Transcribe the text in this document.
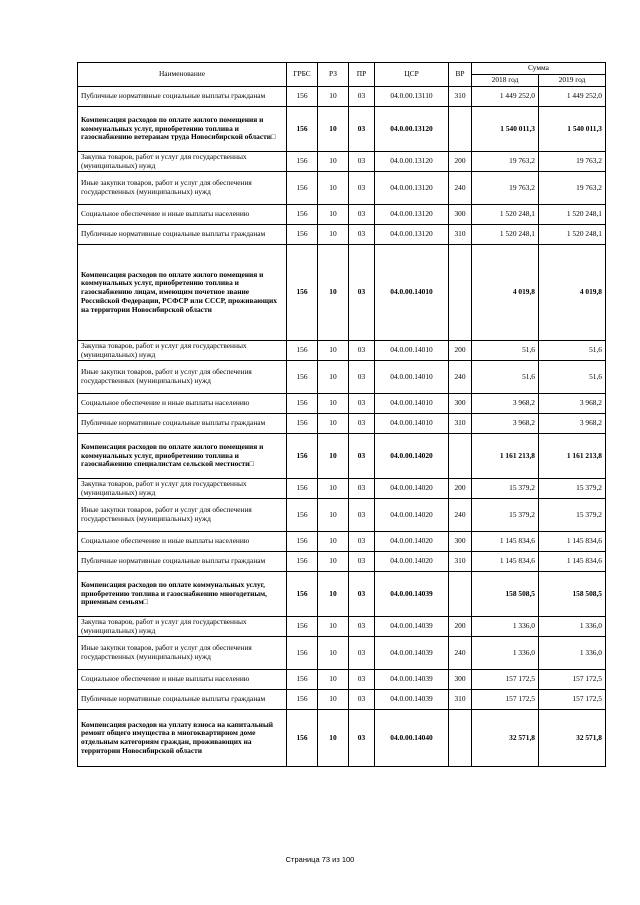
Наименование	ГРБС	РЗ	ПР	ЦСР	ВР	Сумма	
						2018 год	2019 год
Публичные нормативные социальные выплаты гражданам	156	10	03	04.0.00.13110	310	1 449 252,0	1 449 252,0
Компенсация расходов по оплате жилого помещения и коммунальных услуг, приобретению топлива и газоснабжению ветеранам труда Новосибирской области□	156	10	03	04.0.00.13120		1 540 011,3	1 540 011,3
Закупка товаров, работ и услуг для государственных (муниципальных) нужд	156	10	03	04.0.00.13120	200	19 763,2	19 763,2
Иные закупки товаров, работ и услуг для обеспечения государственных (муниципальных) нужд	156	10	03	04.0.00.13120	240	19 763,2	19 763,2
Социальное обеспечение и иные выплаты населению	156	10	03	04.0.00.13120	300	1 520 248,1	1 520 248,1
Публичные нормативные социальные выплаты гражданам	156	10	03	04.0.00.13120	310	1 520 248,1	1 520 248,1
Компенсация расходов по оплате жилого помещения и коммунальных услуг, приобретению топлива и газоснабжению лицам, имеющим почетное звание Российской Федерации, РСФСР или СССР, проживающих на территории Новосибирской области	156	10	03	04.0.00.14010		4 019,8	4 019,8
Закупка товаров, работ и услуг для государственных (муниципальных) нужд	156	10	03	04.0.00.14010	200	51,6	51,6
Иные закупки товаров, работ и услуг для обеспечения государственных (муниципальных) нужд	156	10	03	04.0.00.14010	240	51,6	51,6
Социальное обеспечение и иные выплаты населению	156	10	03	04.0.00.14010	300	3 968,2	3 968,2
Публичные нормативные социальные выплаты гражданам	156	10	03	04.0.00.14010	310	3 968,2	3 968,2
Компенсация расходов по оплате жилого помещения и коммунальных услуг, приобретению топлива и газоснабжению специалистам сельской местности□	156	10	03	04.0.00.14020		1 161 213,8	1 161 213,8
Закупка товаров, работ и услуг для государственных (муниципальных) нужд	156	10	03	04.0.00.14020	200	15 379,2	15 379,2
Иные закупки товаров, работ и услуг для обеспечения государственных (муниципальных) нужд	156	10	03	04.0.00.14020	240	15 379,2	15 379,2
Социальное обеспечение и иные выплаты населению	156	10	03	04.0.00.14020	300	1 145 834,6	1 145 834,6
Публичные нормативные социальные выплаты гражданам	156	10	03	04.0.00.14020	310	1 145 834,6	1 145 834,6
Компенсация расходов по оплате коммунальных услуг, приобретению топлива и газоснабжению многодетным, приемным семьям□	156	10	03	04.0.00.14039		158 508,5	158 508,5
Закупка товаров, работ и услуг для государственных (муниципальных) нужд	156	10	03	04.0.00.14039	200	1 336,0	1 336,0
Иные закупки товаров, работ и услуг для обеспечения государственных (муниципальных) нужд	156	10	03	04.0.00.14039	240	1 336,0	1 336,0
Социальное обеспечение и иные выплаты населению	156	10	03	04.0.00.14039	300	157 172,5	157 172,5
Публичные нормативные социальные выплаты гражданам	156	10	03	04.0.00.14039	310	157 172,5	157 172,5
Компенсация расходов на уплату взноса на капитальный ремонт общего имущества в многоквартирном доме отдельным категориям граждан, проживающих на территории Новосибирской области	156	10	03	04.0.00.14040		32 571,8	32 571,8
Страница 73 из 100
